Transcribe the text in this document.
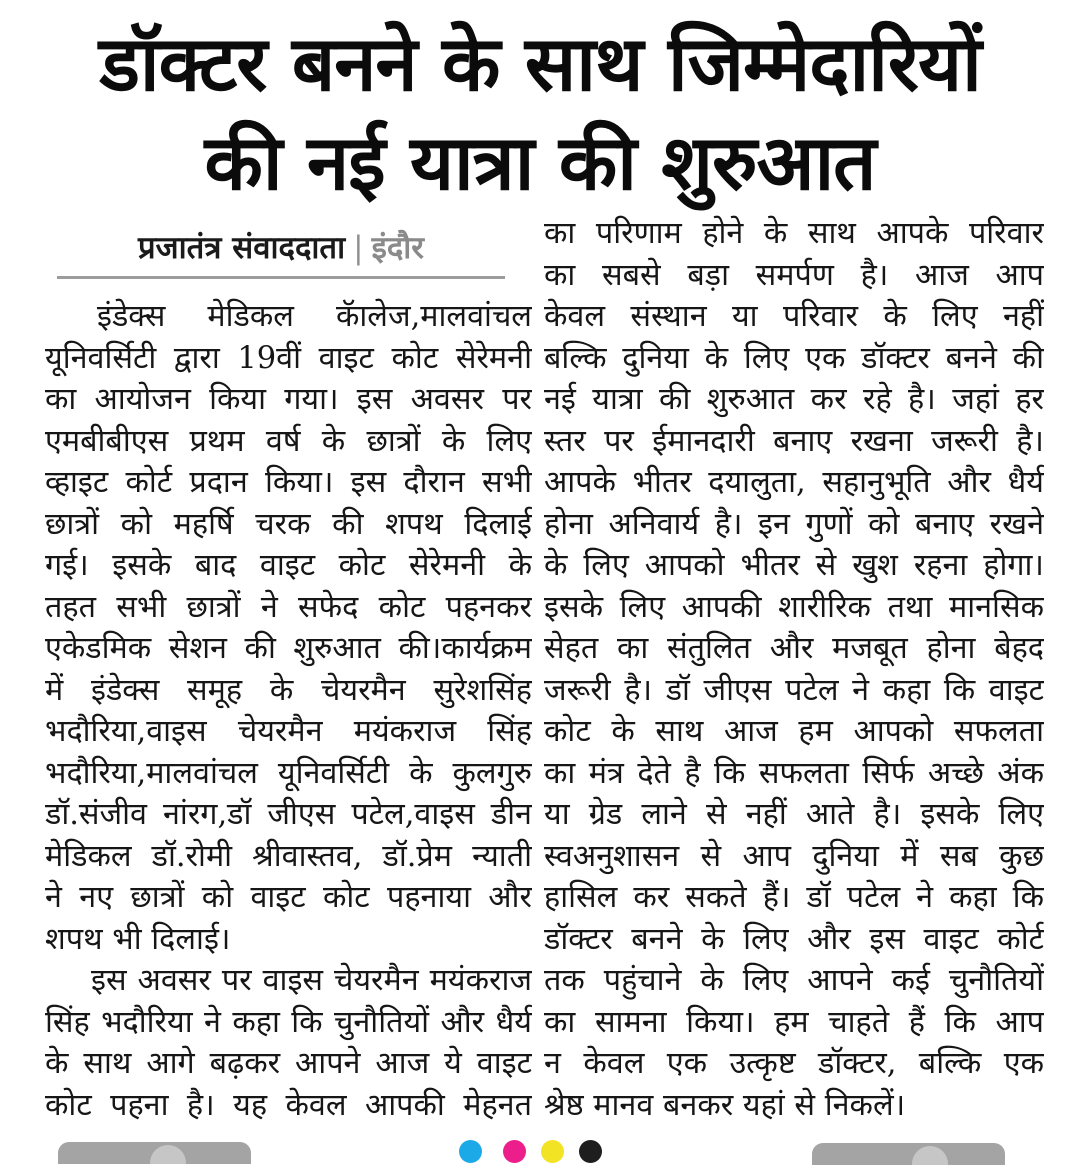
डॉक्टर बनने के साथ जिम्मेदारियों
की नई यात्रा की शुरुआत
प्रजातंत्र संवाददाता | इंदौर
इंडेक्स मेडिकल कॅालेज,मालवांचल
यूनिवर्सिटी द्वारा 19वीं वाइट कोट सेरेमनी
का आयोजन किया गया। इस अवसर पर
एमबीबीएस प्रथम वर्ष के छात्रों के लिए
व्हाइट कोर्ट प्रदान किया। इस दौरान सभी
छात्रों को महर्षि चरक की शपथ दिलाई
गई। इसके बाद वाइट कोट सेरेमनी के
तहत सभी छात्रों ने सफेद कोट पहनकर
एकेडमिक सेशन की शुरुआत की।कार्यक्रम
में इंडेक्स समूह के चेयरमैन सुरेशसिंह
भदौरिया,वाइस चेयरमैन मयंकराज सिंह
भदौरिया,मालवांचल यूनिवर्सिटी के कुलगुरु
डॉ.संजीव नांरग,डॉ जीएस पटेल,वाइस डीन
मेडिकल डॉ.रोमी श्रीवास्तव, डॉ.प्रेम न्याती
ने नए छात्रों को वाइट कोट पहनाया और
शपथ भी दिलाई।
इस अवसर पर वाइस चेयरमैन मयंकराज
सिंह भदौरिया ने कहा कि चुनौतियों और धैर्य
के साथ आगे बढ़कर आपने आज ये वाइट
कोट पहना है। यह केवल आपकी मेहनत
का परिणाम होने के साथ आपके परिवार
का सबसे बड़ा समर्पण है। आज आप
केवल संस्थान या परिवार के लिए नहीं
बल्कि दुनिया के लिए एक डॉक्टर बनने की
नई यात्रा की शुरुआत कर रहे है। जहां हर
स्तर पर ईमानदारी बनाए रखना जरूरी है।
आपके भीतर दयालुता, सहानुभूति और धैर्य
होना अनिवार्य है। इन गुणों को बनाए रखने
के लिए आपको भीतर से खुश रहना होगा।
इसके लिए आपकी शारीरिक तथा मानसिक
सेहत का संतुलित और मजबूत होना बेहद
जरूरी है। डॉ जीएस पटेल ने कहा कि वाइट
कोट के साथ आज हम आपको सफलता
का मंत्र देते है कि सफलता सिर्फ अच्छे अंक
या ग्रेड लाने से नहीं आते है। इसके लिए
स्वअनुशासन से आप दुनिया में सब कुछ
हासिल कर सकते हैं। डॉ पटेल ने कहा कि
डॉक्टर बनने के लिए और इस वाइट कोर्ट
तक पहुंचाने के लिए आपने कई चुनौतियों
का सामना किया। हम चाहते हैं कि आप
न केवल एक उत्कृष्ट डॉक्टर, बल्कि एक
श्रेष्ठ मानव बनकर यहां से निकलें।
